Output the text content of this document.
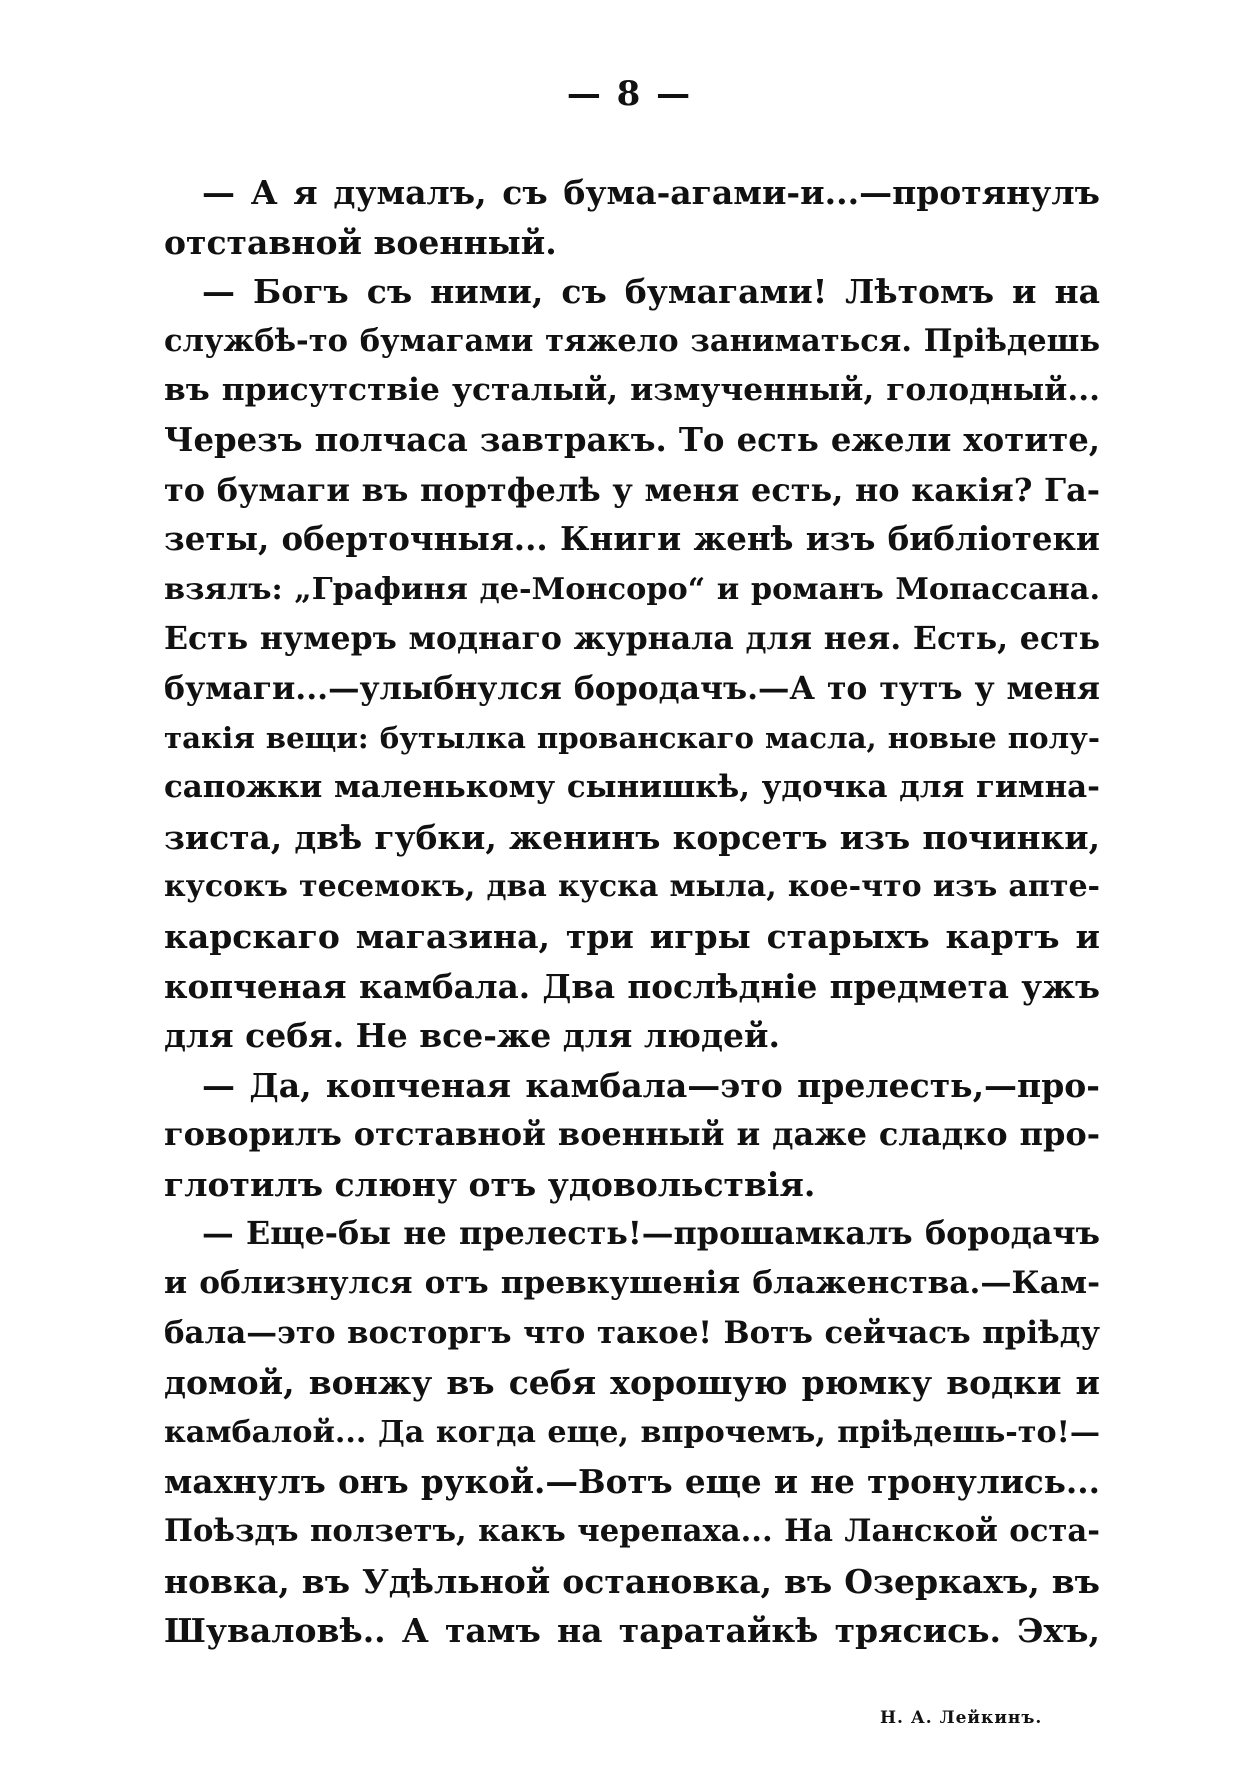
— 8 —
— А я думалъ, съ бума-агами-и...—протянулъ
отставной военный.
— Богъ съ ними, съ бумагами! Лѣтомъ и на
службѣ-то бумагами тяжело заниматься. Пріѣдешь
въ присутствіе усталый, измученный, голодный...
Черезъ полчаса завтракъ. То есть ежели хотите,
то бумаги въ портфелѣ у меня есть, но какія? Га-
зеты, оберточныя... Книги женѣ изъ библіотеки
взялъ: „Графиня де-Монсоро“ и романъ Мопассана.
Есть нумеръ моднаго журнала для нея. Есть, есть
бумаги...—улыбнулся бородачъ.—А то тутъ у меня
такія вещи: бутылка прованскаго масла, новые полу-
сапожки маленькому сынишкѣ, удочка для гимна-
зиста, двѣ губки, женинъ корсетъ изъ починки,
кусокъ тесемокъ, два куска мыла, кое-что изъ апте-
карскаго магазина, три игры старыхъ картъ и
копченая камбала. Два послѣдніе предмета ужъ
для себя. Не все-же для людей.
— Да, копченая камбала—это прелесть,—про-
говорилъ отставной военный и даже сладко про-
глотилъ слюну отъ удовольствія.
— Еще-бы не прелесть!—прошамкалъ бородачъ
и облизнулся отъ превкушенія блаженства.—Кам-
бала—это восторгъ что такое! Вотъ сейчасъ пріѣду
домой, вонжу въ себя хорошую рюмку водки и
камбалой... Да когда еще, впрочемъ, пріѣдешь-то!—
махнулъ онъ рукой.—Вотъ еще и не тронулись...
Поѣздъ ползетъ, какъ черепаха... На Ланской оста-
новка, въ Удѣльной остановка, въ Озеркахъ, въ
Шуваловѣ.. А тамъ на таратайкѣ трясись. Эхъ,
Н. А. Лейкинъ.
